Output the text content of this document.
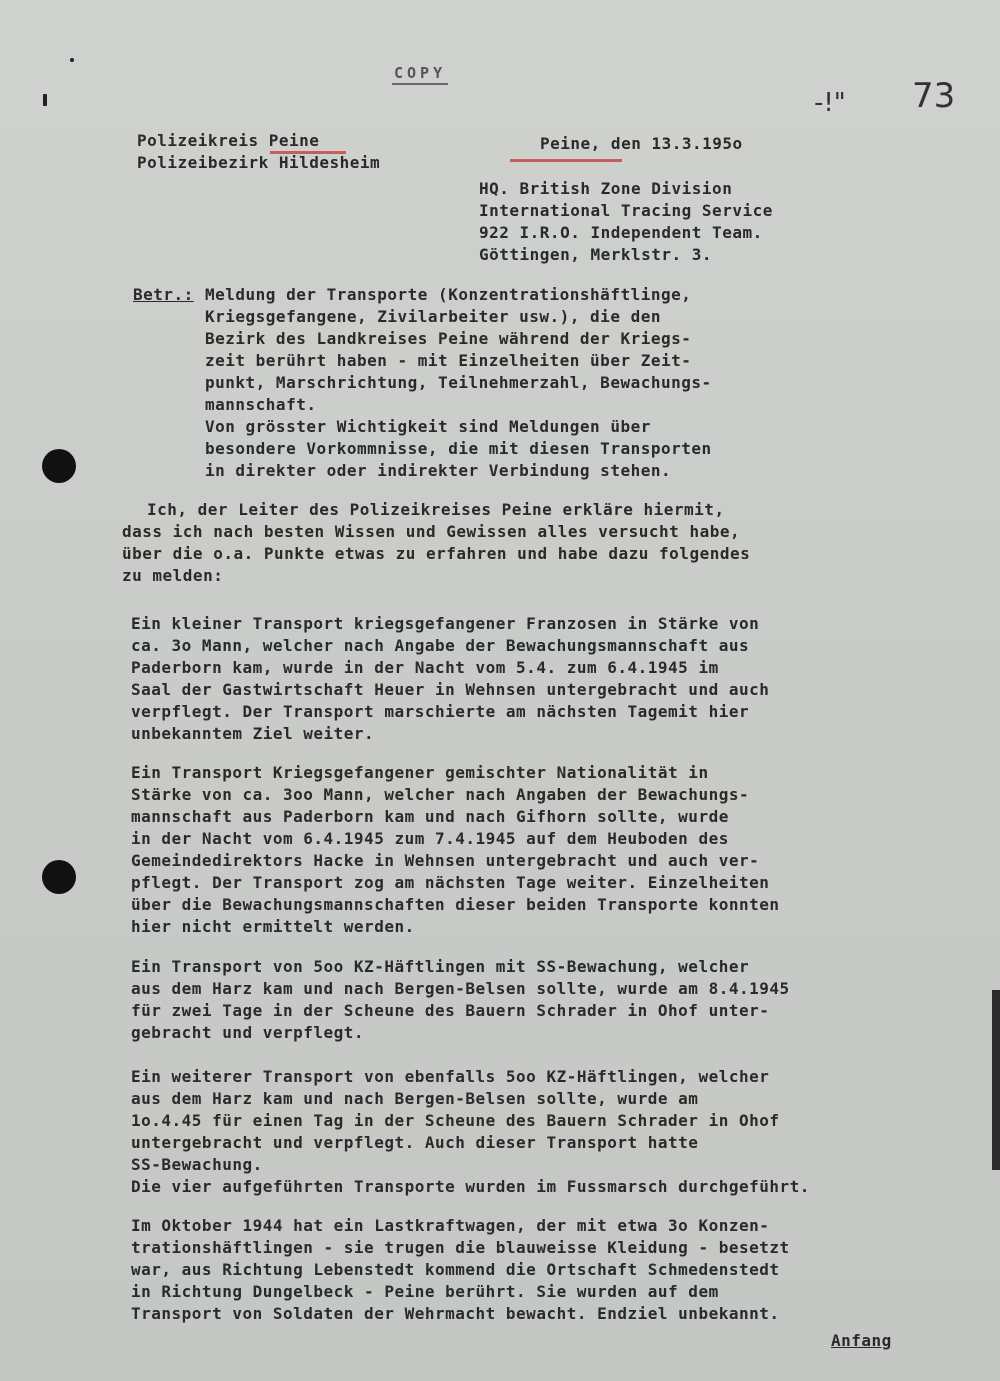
COPY
-!" 73
Polizeikreis Peine
Polizeibezirk Hildesheim
Peine, den 13.3.195o
HQ. British Zone Division
International Tracing Service
922 I.R.O. Independent Team.
Göttingen, Merklstr. 3.
Betr.: Meldung der Transporte (Konzentrationshäftlinge,
Kriegsgefangene, Zivilarbeiter usw.), die den
Bezirk des Landkreises Peine während der Kriegs-
zeit berührt haben - mit Einzelheiten über Zeit-
punkt, Marschrichtung, Teilnehmerzahl, Bewachungs-
mannschaft.
Von grösster Wichtigkeit sind Meldungen über
besondere Vorkommnisse, die mit diesen Transporten
in direkter oder indirekter Verbindung stehen.
Ich, der Leiter des Polizeikreises Peine erkläre hiermit,
dass ich nach besten Wissen und Gewissen alles versucht habe,
über die o.a. Punkte etwas zu erfahren und habe dazu folgendes
zu melden:
Ein kleiner Transport kriegsgefangener Franzosen in Stärke von
ca. 3o Mann, welcher nach Angabe der Bewachungsmannschaft aus
Paderborn kam, wurde in der Nacht vom 5.4. zum 6.4.1945 im
Saal der Gastwirtschaft Heuer in Wehnsen untergebracht und auch
verpflegt. Der Transport marschierte am nächsten Tagemit hier
unbekanntem Ziel weiter.
Ein Transport Kriegsgefangener gemischter Nationalität in
Stärke von ca. 3oo Mann, welcher nach Angaben der Bewachungs-
mannschaft aus Paderborn kam und nach Gifhorn sollte, wurde
in der Nacht vom 6.4.1945 zum 7.4.1945 auf dem Heuboden des
Gemeindedirektors Hacke in Wehnsen untergebracht und auch ver-
pflegt. Der Transport zog am nächsten Tage weiter. Einzelheiten
über die Bewachungsmannschaften dieser beiden Transporte konnten
hier nicht ermittelt werden.
Ein Transport von 5oo KZ-Häftlingen mit SS-Bewachung, welcher
aus dem Harz kam und nach Bergen-Belsen sollte, wurde am 8.4.1945
für zwei Tage in der Scheune des Bauern Schrader in Ohof unter-
gebracht und verpflegt.
Ein weiterer Transport von ebenfalls 5oo KZ-Häftlingen, welcher
aus dem Harz kam und nach Bergen-Belsen sollte, wurde am
1o.4.45 für einen Tag in der Scheune des Bauern Schrader in Ohof
untergebracht und verpflegt. Auch dieser Transport hatte
SS-Bewachung.
Die vier aufgeführten Transporte wurden im Fussmarsch durchgeführt.
Im Oktober 1944 hat ein Lastkraftwagen, der mit etwa 3o Konzen-
trationshäftlingen - sie trugen die blauweisse Kleidung - besetzt
war, aus Richtung Lebenstedt kommend die Ortschaft Schmedenstedt
in Richtung Dungelbeck - Peine berührt. Sie wurden auf dem
Transport von Soldaten der Wehrmacht bewacht. Endziel unbekannt.
Anfang
